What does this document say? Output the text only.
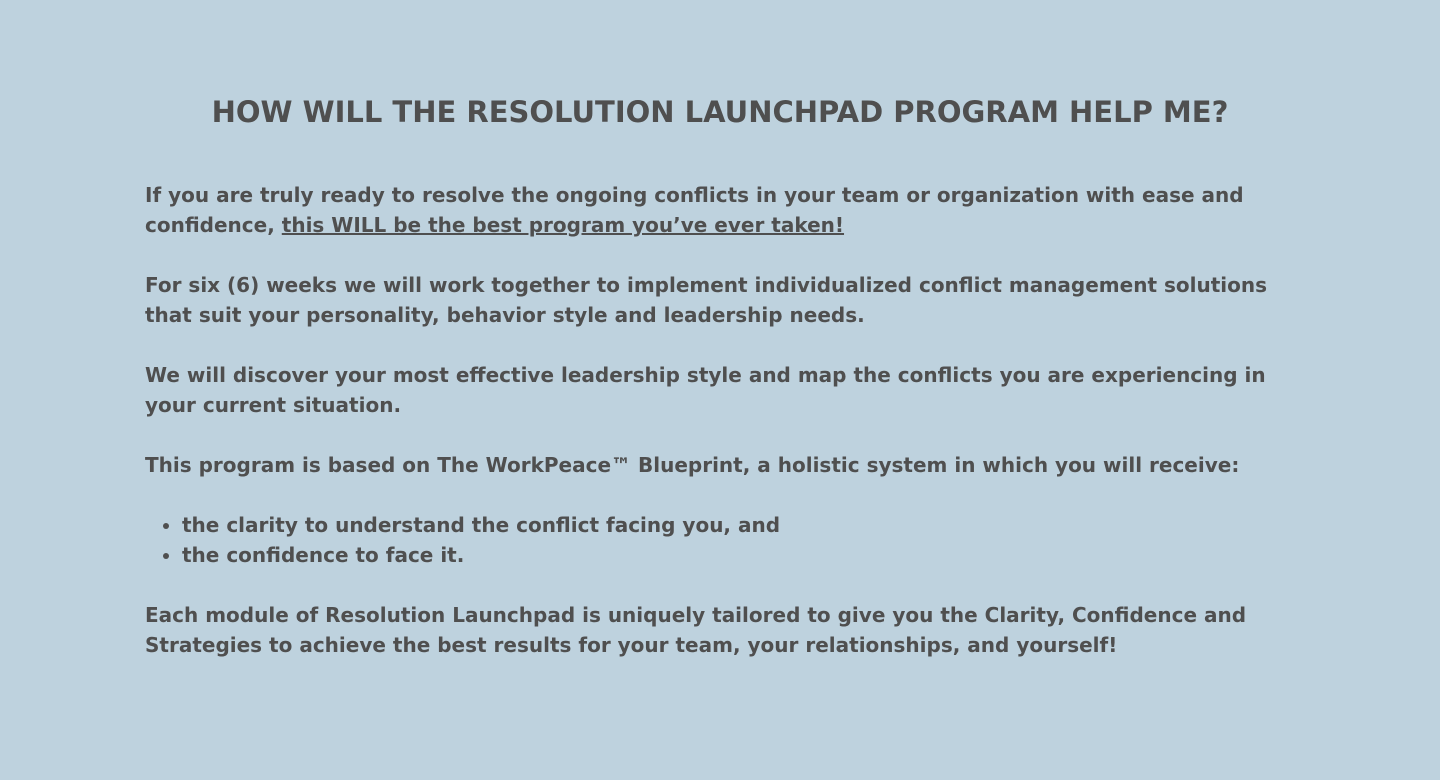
HOW WILL THE RESOLUTION LAUNCHPAD PROGRAM HELP ME?

If you are truly ready to resolve the ongoing conflicts in your team or organization with ease and confidence, this WILL be the best program you’ve ever taken!

For six (6) weeks we will work together to implement individualized conflict management solutions that suit your personality, behavior style and leadership needs.

We will discover your most effective leadership style and map the conflicts you are experiencing in your current situation.

This program is based on The WorkPeace™ Blueprint, a holistic system in which you will receive:

• the clarity to understand the conflict facing you, and
• the confidence to face it.

Each module of Resolution Launchpad is uniquely tailored to give you the Clarity, Confidence and Strategies to achieve the best results for your team, your relationships, and yourself!
